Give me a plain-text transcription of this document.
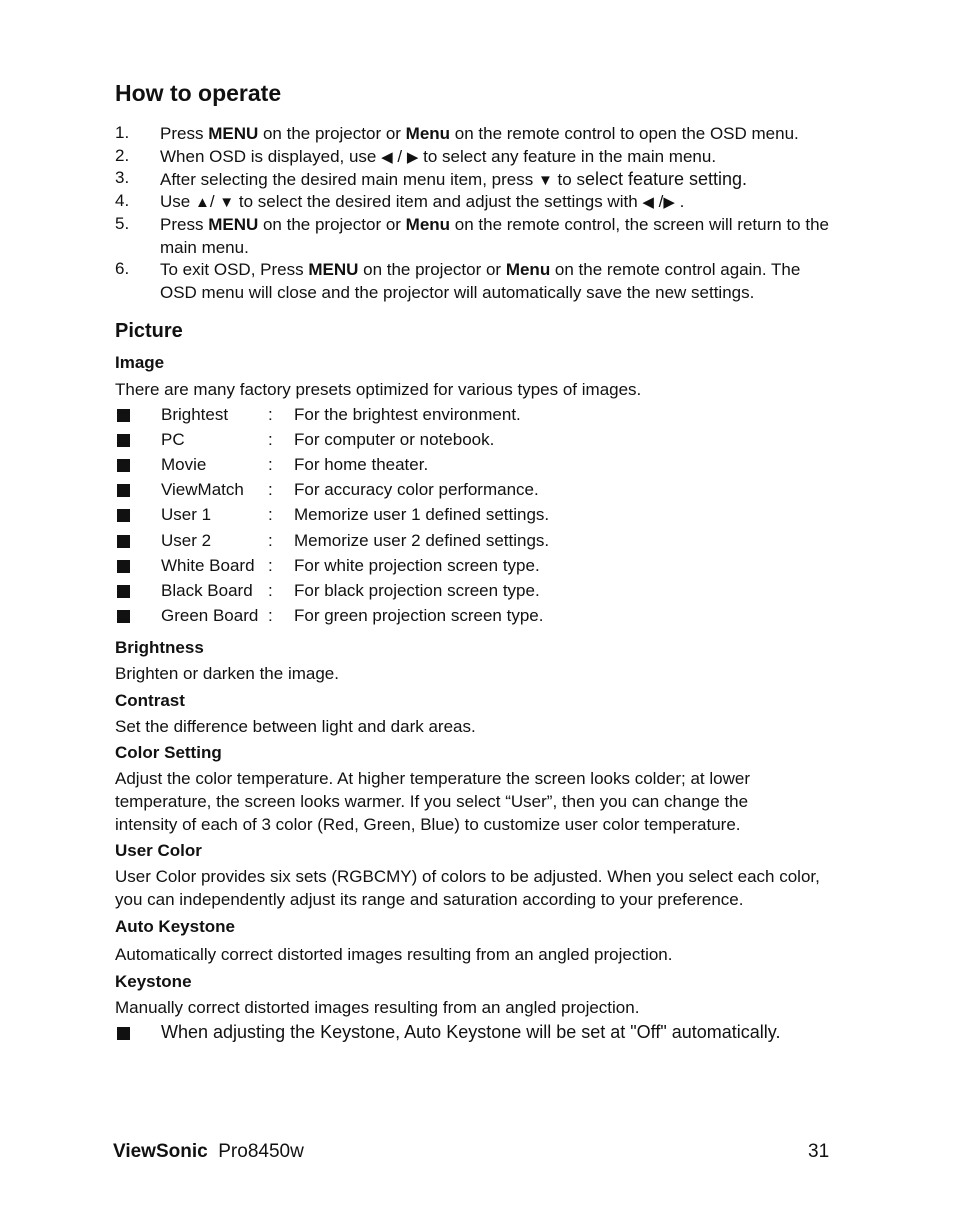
How to operate
1. Press MENU on the projector or Menu on the remote control to open the OSD menu.
2. When OSD is displayed, use ◀ / ▶ to select any feature in the main menu.
3. After selecting the desired main menu item, press ▼ to select feature setting.
4. Use ▲/ ▼ to select the desired item and adjust the settings with ◀ /▶ .
5. Press MENU on the projector or Menu on the remote control, the screen will return to the main menu.
6. To exit OSD, Press MENU on the projector or Menu on the remote control again. The OSD menu will close and the projector will automatically save the new settings.
Picture
Image

There are many factory presets optimized for various types of images.

Brightest : For the brightest environment.
PC	: For computer or notebook.
Movie	: For home theater.
ViewMatch : For accuracy color performance.
User 1	: Memorize user 1 defined settings.
User 2	: Memorize user 2 defined settings.
White Board : For white projection screen type.
Black Board : For black projection screen type.
Green Board : For green projection screen type.
Brightness

Brighten or darken the image.

Contrast

Set the difference between light and dark areas.

Color Setting

Adjust the color temperature. At higher temperature the screen looks colder; at lower temperature, the screen looks warmer. If you select “User”, then you can change the intensity of each of 3 color (Red, Green, Blue) to customize user color temperature.

User Color

User Color provides six sets (RGBCMY) of colors to be adjusted. When you select each color, you can independently adjust its range and saturation according to your preference.

Auto Keystone

Automatically correct distorted images resulting from an angled projection.

Keystone

Manually correct distorted images resulting from an angled projection.

When adjusting the Keystone, Auto Keystone will be set at "Off" automatically.
ViewSonic Pro8450w	31
